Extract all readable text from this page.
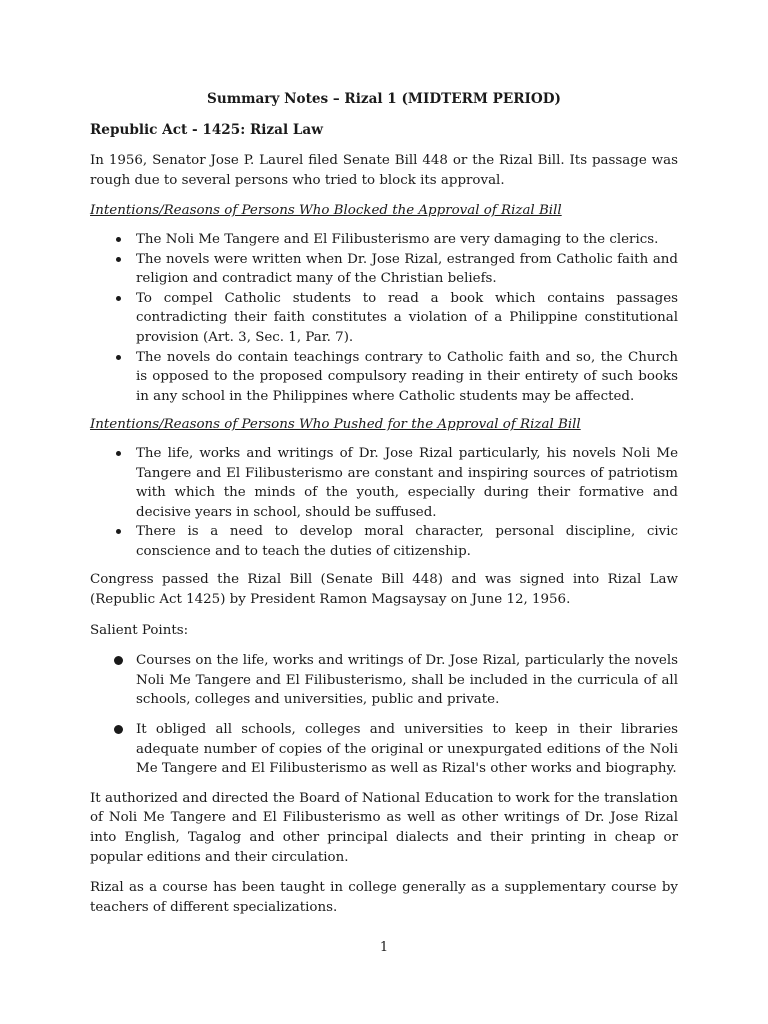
Summary Notes – Rizal 1 (MIDTERM PERIOD)
Republic Act - 1425: Rizal Law

In 1956, Senator Jose P. Laurel filed Senate Bill 448 or the Rizal Bill. Its passage was rough due to several persons who tried to block its approval.

Intentions/Reasons of Persons Who Blocked the Approval of Rizal Bill
The Noli Me Tangere and El Filibusterismo are very damaging to the clerics.
The novels were written when Dr. Jose Rizal, estranged from Catholic faith and religion and contradict many of the Christian beliefs.
To compel Catholic students to read a book which contains passages contradicting their faith constitutes a violation of a Philippine constitutional provision (Art. 3, Sec. 1, Par. 7).
The novels do contain teachings contrary to Catholic faith and so, the Church is opposed to the proposed compulsory reading in their entirety of such books in any school in the Philippines where Catholic students may be affected.
Intentions/Reasons of Persons Who Pushed for the Approval of Rizal Bill
The life, works and writings of Dr. Jose Rizal particularly, his novels Noli Me Tangere and El Filibusterismo are constant and inspiring sources of patriotism with which the minds of the youth, especially during their formative and decisive years in school, should be suffused.
There is a need to develop moral character, personal discipline, civic conscience and to teach the duties of citizenship.

Congress passed the Rizal Bill (Senate Bill 448) and was signed into Rizal Law (Republic Act 1425) by President Ramon Magsaysay on June 12, 1956.

Salient Points:

Courses on the life, works and writings of Dr. Jose Rizal, particularly the novels Noli Me Tangere and El Filibusterismo, shall be included in the curricula of all schools, colleges and universities, public and private.
It obliged all schools, colleges and universities to keep in their libraries adequate number of copies of the original or unexpurgated editions of the Noli Me Tangere and El Filibusterismo as well as Rizal's other works and biography.

It authorized and directed the Board of National Education to work for the translation of Noli Me Tangere and El Filibusterismo as well as other writings of Dr. Jose Rizal into English, Tagalog and other principal dialects and their printing in cheap or popular editions and their circulation.

Rizal as a course has been taught in college generally as a supplementary course by teachers of different specializations.

1
